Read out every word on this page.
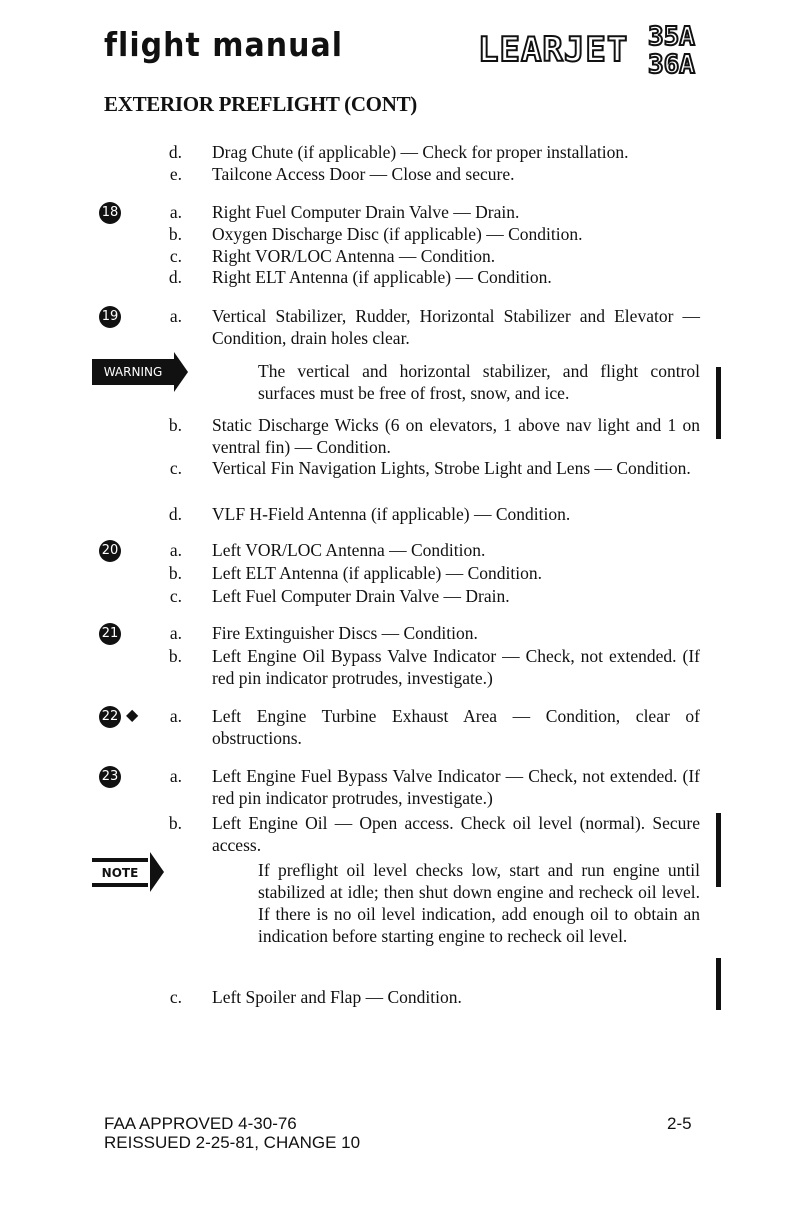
flight manual	LEARJET 35A
36A
EXTERIOR PREFLIGHT (CONT)
d. Drag Chute (if applicable) — Check for proper installation.
e. Tailcone Access Door — Close and secure.
18	a. Right Fuel Computer Drain Valve — Drain.
b. Oxygen Discharge Disc (if applicable) — Condition.
c. Right VOR/LOC Antenna — Condition.
d. Right ELT Antenna (if applicable) — Condition.
19	a. Vertical Stabilizer, Rudder, Horizontal Stabilizer and Elevator — Condition, drain holes clear.
b. Static Discharge Wicks (6 on elevators, 1 above nav light and 1 on ventral fin) — Condition.
c. Vertical Fin Navigation Lights, Strobe Light and Lens — Condition.
d. VLF H-Field Antenna (if applicable) — Condition.
20	a. Left VOR/LOC Antenna — Condition.
b. Left ELT Antenna (if applicable) — Condition.
c. Left Fuel Computer Drain Valve — Drain.
21	a. Fire Extinguisher Discs — Condition.
b. Left Engine Oil Bypass Valve Indicator — Check, not extended. (If red pin indicator protrudes, investigate.)
22 ◆	a. Left Engine Turbine Exhaust Area — Condition, clear of obstructions.
23	a. Left Engine Fuel Bypass Valve Indicator — Check, not extended. (If red pin indicator protrudes, investigate.)
b. Left Engine Oil — Open access. Check oil level (normal). Secure access.
c. Left Spoiler and Flap — Condition.
WARNING	The vertical and horizontal stabilizer, and flight control surfaces must be free of frost, snow, and ice.
NOTE	If preflight oil level checks low, start and run engine until stabilized at idle; then shut down engine and recheck oil level. If there is no oil level indication, add enough oil to obtain an indication before starting engine to recheck oil level.
FAA APPROVED 4-30-76
REISSUED 2-25-81, CHANGE 10
2-5
